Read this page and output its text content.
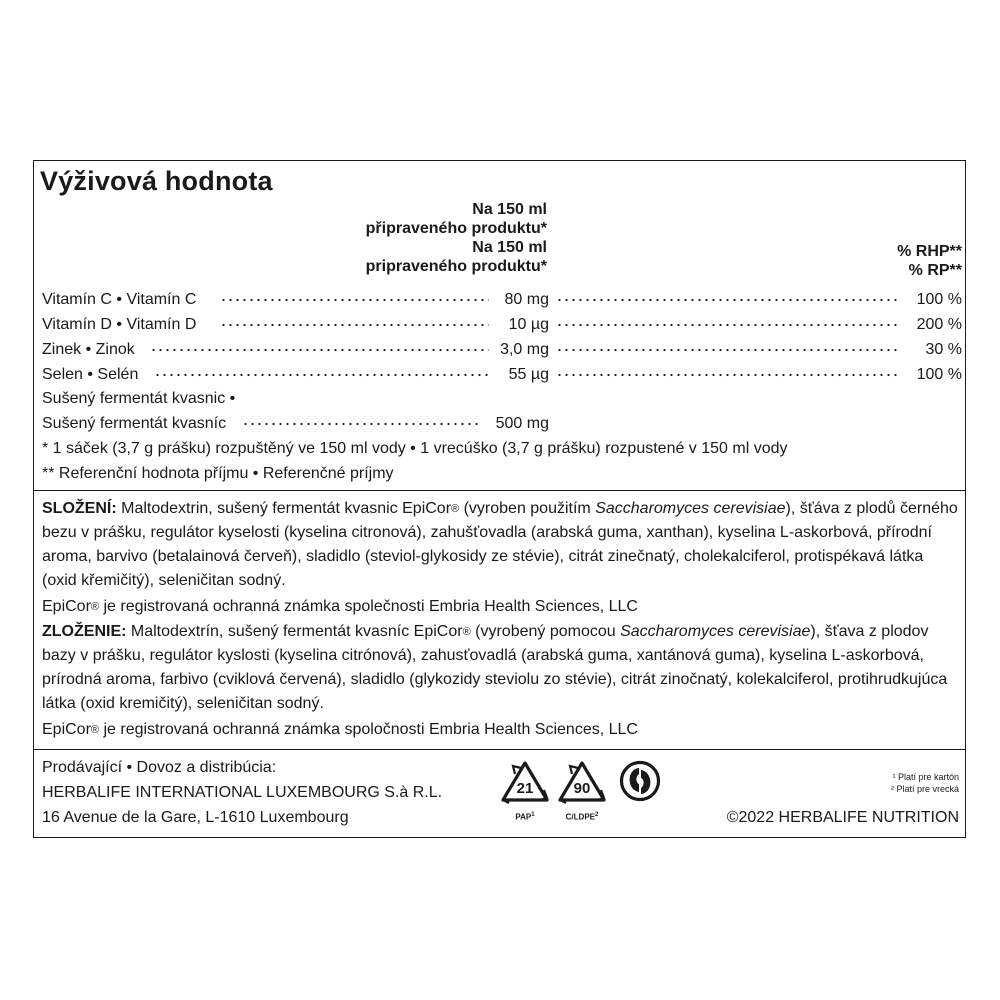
Výživová hodnota
Na 150 ml
připraveného produktu*
Na 150 ml
pripraveného produktu*
% RHP**
% RP**
Vitamín C • Vitamín C	80 mg	100 %
Vitamín D • Vitamín D	10 µg	200 %
Zinek • Zinok	3,0 mg	30 %
Selen • Selén	55 µg	100 %
Sušený fermentát kvasnic •
Sušený fermentát kvasníc	500 mg
* 1 sáček (3,7 g prášku) rozpuštěný ve 150 ml vody • 1 vrecúško (3,7 g prášku) rozpustené v 150 ml vody
** Referenční hodnota příjmu • Referenčné príjmy

SLOŽENÍ: Maltodextrin, sušený fermentát kvasnic EpiCor® (vyroben použitím Saccharomyces cerevisiae), šťáva z plodů černého bezu v prášku, regulátor kyselosti (kyselina citronová), zahušťovadla (arabská guma, xanthan), kyselina L-askorbová, přírodní aroma, barvivo (betalainová červeň), sladidlo (steviol-glykosidy ze stévie), citrát zinečnatý, cholekalciferol, protispékavá látka (oxid křemičitý), seleničitan sodný.

EpiCor® je registrovaná ochranná známka společnosti Embria Health Sciences, LLC

ZLOŽENIE: Maltodextrín, sušený fermentát kvasníc EpiCor® (vyrobený pomocou Saccharomyces cerevisiae), šťava z plodov bazy v prášku, regulátor kyslosti (kyselina citrónová), zahusťovadlá (arabská guma, xantánová guma), kyselina L-askorbová, prírodná aroma, farbivo (cviklová červená), sladidlo (glykozidy steviolu zo stévie), citrát zinočnatý, kolekalciferol, protihrudkujúca látka (oxid kremičitý), seleničitan sodný.

EpiCor® je registrovaná ochranná známka spoločnosti Embria Health Sciences, LLC

Prodávající • Dovoz a distribúcia:
HERBALIFE INTERNATIONAL LUXEMBOURG S.à R.L.
16 Avenue de la Gare, L-1610 Luxembourg
21
PAP$^1$
90
C/LDPE$^2$
¹ Platí pre kartón
² Platí pre vrecká
©2022 HERBALIFE NUTRITION
